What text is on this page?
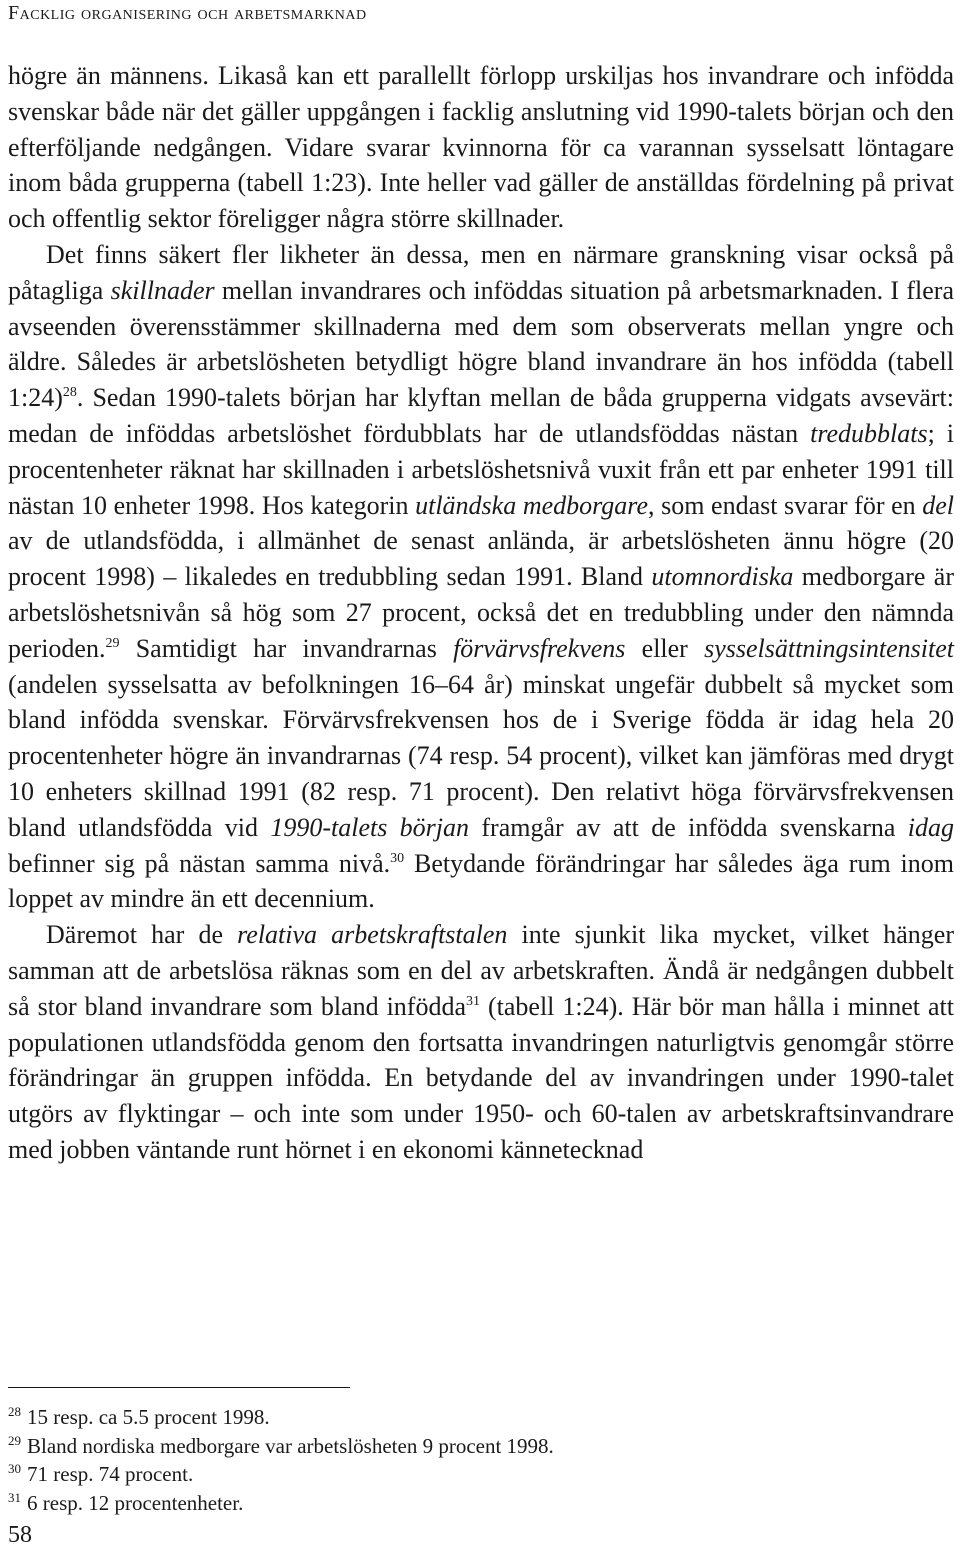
Facklig organisering och arbetsmarknad

högre än männens. Likaså kan ett parallellt förlopp urskiljas hos invandrare och infödda svenskar både när det gäller uppgången i facklig anslutning vid 1990-talets början och den efterföljande nedgången. Vidare svarar kvinnorna för ca varannan sysselsatt löntagare inom båda grupperna (tabell 1:23). Inte heller vad gäller de anställdas fördelning på privat och offentlig sektor föreligger några större skillnader.

Det finns säkert fler likheter än dessa, men en närmare granskning visar också på påtagliga skillnader mellan invandrares och inföddas situation på arbetsmarknaden. I flera avseenden överensstämmer skillnaderna med dem som observerats mellan yngre och äldre. Således är arbetslösheten betydligt högre bland invandrare än hos infödda (tabell 1:24)$^{28}$. Sedan 1990-talets början har klyftan mellan de båda grupperna vidgats avsevärt: medan de inföddas arbetslöshet fördubblats har de utlandsföddas nästan tredubblats; i procentenheter räknat har skillnaden i arbetslöshetsnivå vuxit från ett par enheter 1991 till nästan 10 enheter 1998. Hos kategorin utländska medborgare, som endast svarar för en del av de utlandsfödda, i allmänhet de senast anlända, är arbetslösheten ännu högre (20 procent 1998) – likaledes en tredubbling sedan 1991. Bland utomnordiska medborgare är arbetslöshetsnivån så hög som 27 procent, också det en tredubbling under den nämnda perioden.$^{29}$ Samtidigt har invandrarnas förvärvsfrekvens eller sysselsättningsintensitet (andelen sysselsatta av befolkningen 16–64 år) minskat ungefär dubbelt så mycket som bland infödda svenskar. Förvärvsfrekvensen hos de i Sverige födda är idag hela 20 procentenheter högre än invandrarnas (74 resp. 54 procent), vilket kan jämföras med drygt 10 enheters skillnad 1991 (82 resp. 71 procent). Den relativt höga förvärvsfrekvensen bland utlandsfödda vid 1990-talets början framgår av att de infödda svenskarna idag befinner sig på nästan samma nivå.$^{30}$ Betydande förändringar har således äga rum inom loppet av mindre än ett decennium.

Däremot har de relativa arbetskraftstalen inte sjunkit lika mycket, vilket hänger samman att de arbetslösa räknas som en del av arbetskraften. Ändå är nedgången dubbelt så stor bland invandrare som bland infödda$^{31}$ (tabell 1:24). Här bör man hålla i minnet att populationen utlandsfödda genom den fortsatta invandringen naturligtvis genomgår större förändringar än gruppen infödda. En betydande del av invandringen under 1990-talet utgörs av flyktingar – och inte som under 1950- och 60-talen av arbetskraftsinvandrare med jobben väntande runt hörnet i en ekonomi kännetecknad

$^{28}$ 15 resp. ca 5.5 procent 1998.
$^{29}$ Bland nordiska medborgare var arbetslösheten 9 procent 1998.
$^{30}$ 71 resp. 74 procent.
$^{31}$ 6 resp. 12 procentenheter.
58
